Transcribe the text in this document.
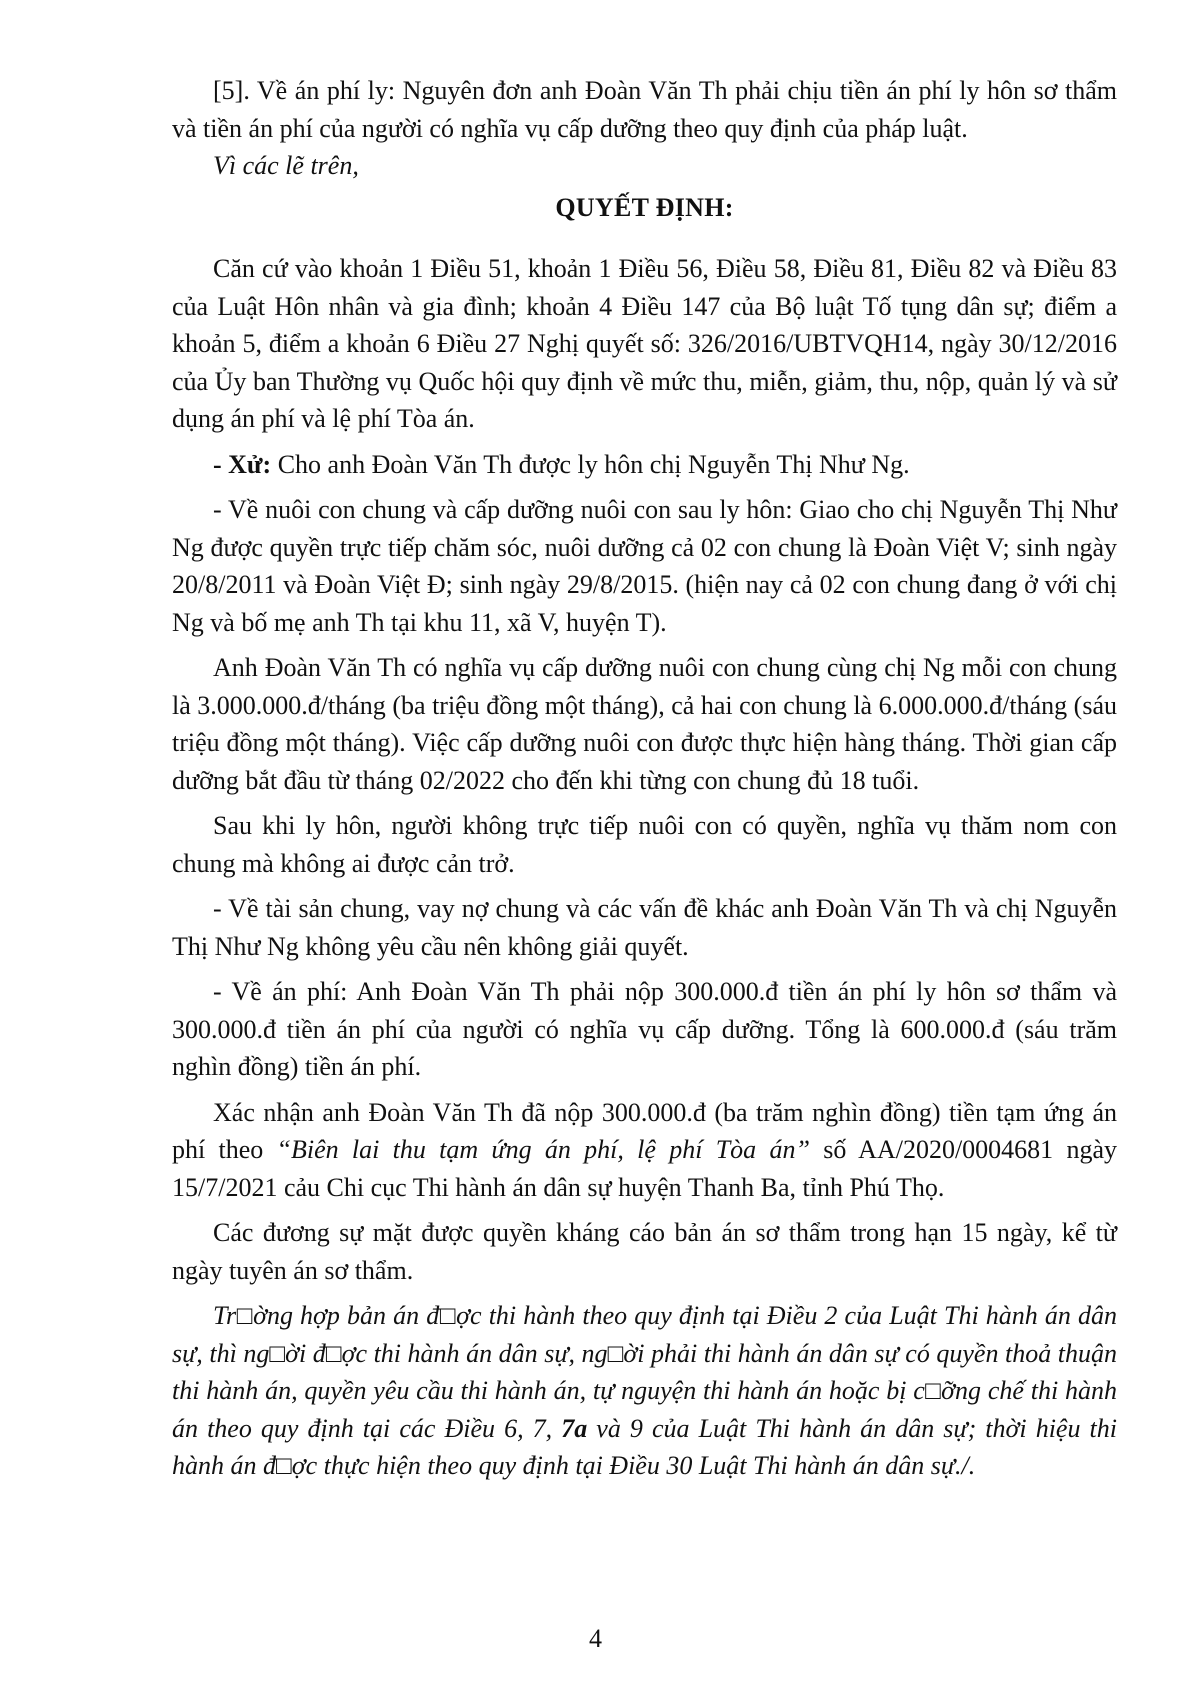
[5]. Về án phí ly: Nguyên đơn anh Đoàn Văn Th phải chịu tiền án phí ly hôn sơ thẩm và tiền án phí của người có nghĩa vụ cấp dưỡng theo quy định của pháp luật.

Vì các lẽ trên,

QUYẾT ĐỊNH:

Căn cứ vào khoản 1 Điều 51, khoản 1 Điều 56, Điều 58, Điều 81, Điều 82 và Điều 83 của Luật Hôn nhân và gia đình; khoản 4 Điều 147 của Bộ luật Tố tụng dân sự; điểm a khoản 5, điểm a khoản 6 Điều 27 Nghị quyết số: 326/2016/UBTVQH14, ngày 30/12/2016 của Ủy ban Thường vụ Quốc hội quy định về mức thu, miễn, giảm, thu, nộp, quản lý và sử dụng án phí và lệ phí Tòa án.

- Xử: Cho anh Đoàn Văn Th được ly hôn chị Nguyễn Thị Như Ng.

- Về nuôi con chung và cấp dưỡng nuôi con sau ly hôn: Giao cho chị Nguyễn Thị Như Ng được quyền trực tiếp chăm sóc, nuôi dưỡng cả 02 con chung là Đoàn Việt V; sinh ngày 20/8/2011 và Đoàn Việt Đ; sinh ngày 29/8/2015. (hiện nay cả 02 con chung đang ở với chị Ng và bố mẹ anh Th tại khu 11, xã V, huyện T).

Anh Đoàn Văn Th có nghĩa vụ cấp dưỡng nuôi con chung cùng chị Ng mỗi con chung là 3.000.000.đ/tháng (ba triệu đồng một tháng), cả hai con chung là 6.000.000.đ/tháng (sáu triệu đồng một tháng). Việc cấp dưỡng nuôi con được thực hiện hàng tháng. Thời gian cấp dưỡng bắt đầu từ tháng 02/2022 cho đến khi từng con chung đủ 18 tuổi.

Sau khi ly hôn, người không trực tiếp nuôi con có quyền, nghĩa vụ thăm nom con chung mà không ai được cản trở.

- Về tài sản chung, vay nợ chung và các vấn đề khác anh Đoàn Văn Th và chị Nguyễn Thị Như Ng không yêu cầu nên không giải quyết.

- Về án phí: Anh Đoàn Văn Th phải nộp 300.000.đ tiền án phí ly hôn sơ thẩm và 300.000.đ tiền án phí của người có nghĩa vụ cấp dưỡng. Tổng là 600.000.đ (sáu trăm nghìn đồng) tiền án phí.

Xác nhận anh Đoàn Văn Th đã nộp 300.000.đ (ba trăm nghìn đồng) tiền tạm ứng án phí theo “Biên lai thu tạm ứng án phí, lệ phí Tòa án” số AA/2020/0004681 ngày 15/7/2021 cảu Chi cục Thi hành án dân sự huyện Thanh Ba, tỉnh Phú Thọ.

Các đương sự mặt được quyền kháng cáo bản án sơ thẩm trong hạn 15 ngày, kể từ ngày tuyên án sơ thẩm.

Tr□ờng hợp bản án đ□ợc thi hành theo quy định tại Điều 2 của Luật Thi hành án dân sự, thì ng□ời đ□ợc thi hành án dân sự, ng□ời phải thi hành án dân sự có quyền thoả thuận thi hành án, quyền yêu cầu thi hành án, tự nguyện thi hành án hoặc bị c□ỡng chế thi hành án theo quy định tại các Điều 6, 7, 7a và 9 của Luật Thi hành án dân sự; thời hiệu thi hành án đ□ợc thực hiện theo quy định tại Điều 30 Luật Thi hành án dân sự./.

4
